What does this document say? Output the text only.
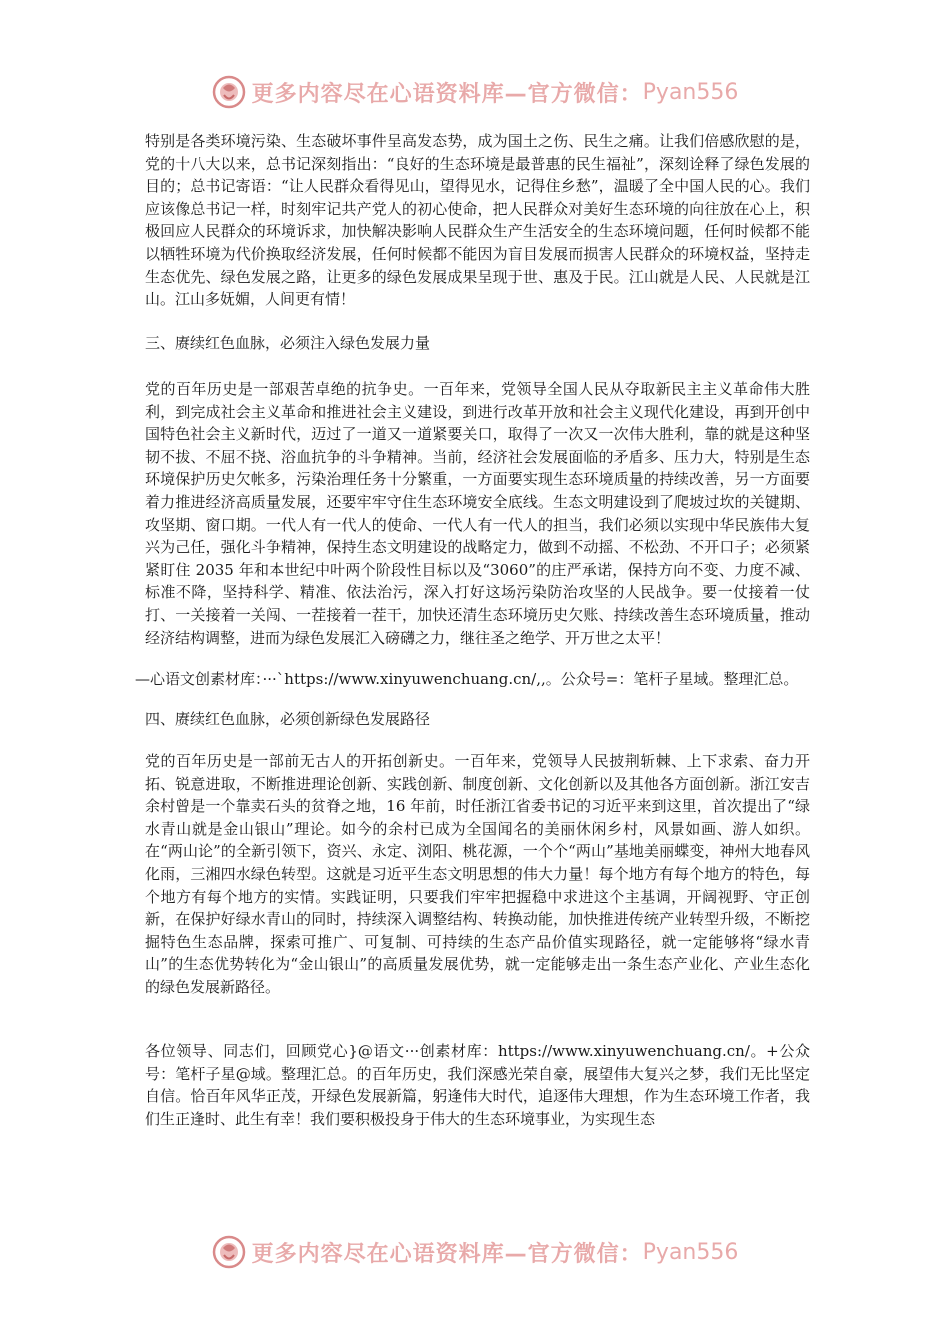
更多内容尽在心语资料库—官方微信： Pyan556

特别是各类环境污染、生态破坏事件呈高发态势，成为国土之伤、民生之痛。让我们倍感欣慰的是，党的十八大以来，总书记深刻指出：“良好的生态环境是最普惠的民生福祉”，深刻诠释了绿色发展的目的；总书记寄语：“让人民群众看得见山，望得见水，记得住乡愁”，温暖了全中国人民的心。我们应该像总书记一样，时刻牢记共产党人的初心使命，把人民群众对美好生态环境的向往放在心上，积极回应人民群众的环境诉求，加快解决影响人民群众生产生活安全的生态环境问题，任何时候都不能以牺牲环境为代价换取经济发展，任何时候都不能因为盲目发展而损害人民群众的环境权益，坚持走生态优先、绿色发展之路，让更多的绿色发展成果呈现于世、惠及于民。江山就是人民、人民就是江山。江山多妩媚，人间更有情！

三、赓续红色血脉，必须注入绿色发展力量

党的百年历史是一部艰苦卓绝的抗争史。一百年来，党领导全国人民从夺取新民主主义革命伟大胜利，到完成社会主义革命和推进社会主义建设，到进行改革开放和社会主义现代化建设，再到开创中国特色社会主义新时代，迈过了一道又一道紧要关口，取得了一次又一次伟大胜利，靠的就是这种坚韧不拔、不屈不挠、浴血抗争的斗争精神。当前，经济社会发展面临的矛盾多、压力大，特别是生态环境保护历史欠帐多，污染治理任务十分繁重，一方面要实现生态环境质量的持续改善，另一方面要着力推进经济高质量发展，还要牢牢守住生态环境安全底线。生态文明建设到了爬坡过坎的关键期、攻坚期、窗口期。一代人有一代人的使命、一代人有一代人的担当，我们必须以实现中华民族伟大复兴为己任，强化斗争精神，保持生态文明建设的战略定力，做到不动摇、不松劲、不开口子；必须紧紧盯住 2035 年和本世纪中叶两个阶段性目标以及“3060”的庄严承诺，保持方向不变、力度不减、标准不降，坚持科学、精准、依法治污，深入打好这场污染防治攻坚的人民战争。要一仗接着一仗打、一关接着一关闯、一茬接着一茬干，加快还清生态环境历史欠账、持续改善生态环境质量，推动经济结构调整，进而为绿色发展汇入磅礴之力，继往圣之绝学、开万世之太平！

—心语文创素材库：···`https://www.xinyuwenchuang.cn/,,。公众号=：笔杆子星域。整理汇总。

四、赓续红色血脉，必须创新绿色发展路径

党的百年历史是一部前无古人的开拓创新史。一百年来，党领导人民披荆斩棘、上下求索、奋力开拓、锐意进取，不断推进理论创新、实践创新、制度创新、文化创新以及其他各方面创新。浙江安吉余村曾是一个靠卖石头的贫脊之地，16 年前，时任浙江省委书记的习近平来到这里，首次提出了“绿水青山就是金山银山”理论。如今的余村已成为全国闻名的美丽休闲乡村，风景如画、游人如织。在“两山论”的全新引领下，资兴、永定、浏阳、桃花源，一个个“两山”基地美丽蝶变，神州大地春风化雨，三湘四水绿色转型。这就是习近平生态文明思想的伟大力量！每个地方有每个地方的特色，每个地方有每个地方的实情。实践证明，只要我们牢牢把握稳中求进这个主基调，开阔视野、守正创新，在保护好绿水青山的同时，持续深入调整结构、转换动能，加快推进传统产业转型升级，不断挖掘特色生态品牌，探索可推广、可复制、可持续的生态产品价值实现路径，就一定能够将“绿水青山”的生态优势转化为“金山银山”的高质量发展优势，就一定能够走出一条生态产业化、产业生态化的绿色发展新路径。

各位领导、同志们，回顾党心}@语文···创素材库：https://www.xinyuwenchuang.cn/。+公众号：笔杆子星@域。整理汇总。的百年历史，我们深感光荣自豪，展望伟大复兴之梦，我们无比坚定自信。恰百年风华正茂，开绿色发展新篇，躬逢伟大时代，追逐伟大理想，作为生态环境工作者，我们生正逢时、此生有幸！我们要积极投身于伟大的生态环境事业，为实现生态

更多内容尽在心语资料库—官方微信： Pyan556
